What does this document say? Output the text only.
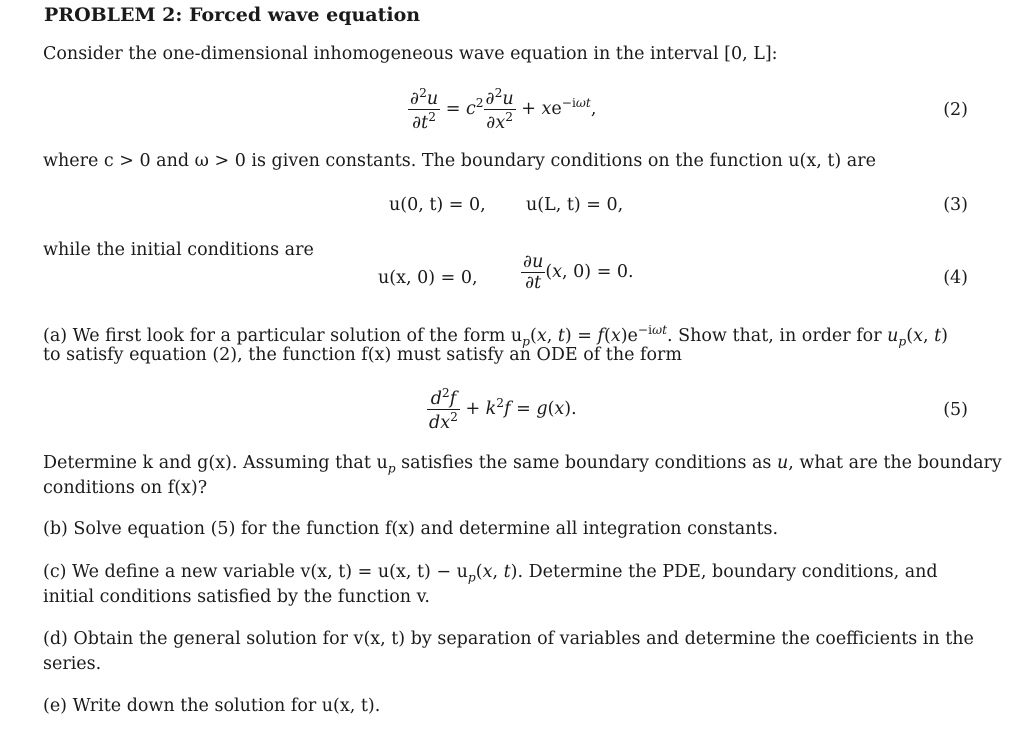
PROBLEM 2: Forced wave equation
Consider the one-dimensional inhomogeneous wave equation in the interval [0, L]:
$\frac{\partial^2u}{\partial t^2} = c^2 \frac{\partial^2u}{\partial x^2} + xe^{-i\omega t}$,	(2)
where c > 0 and ω > 0 is given constants. The boundary conditions on the function u(x, t) are
u(0, t) = 0, u(L, t) = 0,	(3)
while the initial conditions are
u(x, 0) = 0, $\frac{\partial u}{\partial t} (x$, 0) = 0.	(4)
(a) We first look for a particular solution of the form $u_p(x$, $t) = f(x)e^{-i\omega t}$. Show that, in order for $u_p(x$, t)
to satisfy equation (2), the function f(x) must satisfy an ODE of the form
$\frac{d^2f}{dx^2} + k^2f = g(x)$.	(5)
Determine k and g(x). Assuming that $u_p$ satisfies the same boundary conditions as u, what are the boundary
conditions on f(x)?
(b) Solve equation (5) for the function f(x) and determine all integration constants.
(c) We define a new variable v(x, t) = u(x, $t) - u_p(x$, t). Determine the PDE, boundary conditions, and
initial conditions satisfied by the function v.
(d) Obtain the general solution for v(x, t) by separation of variables and determine the coefficients in the
series.
(e) Write down the solution for u(x, t).
